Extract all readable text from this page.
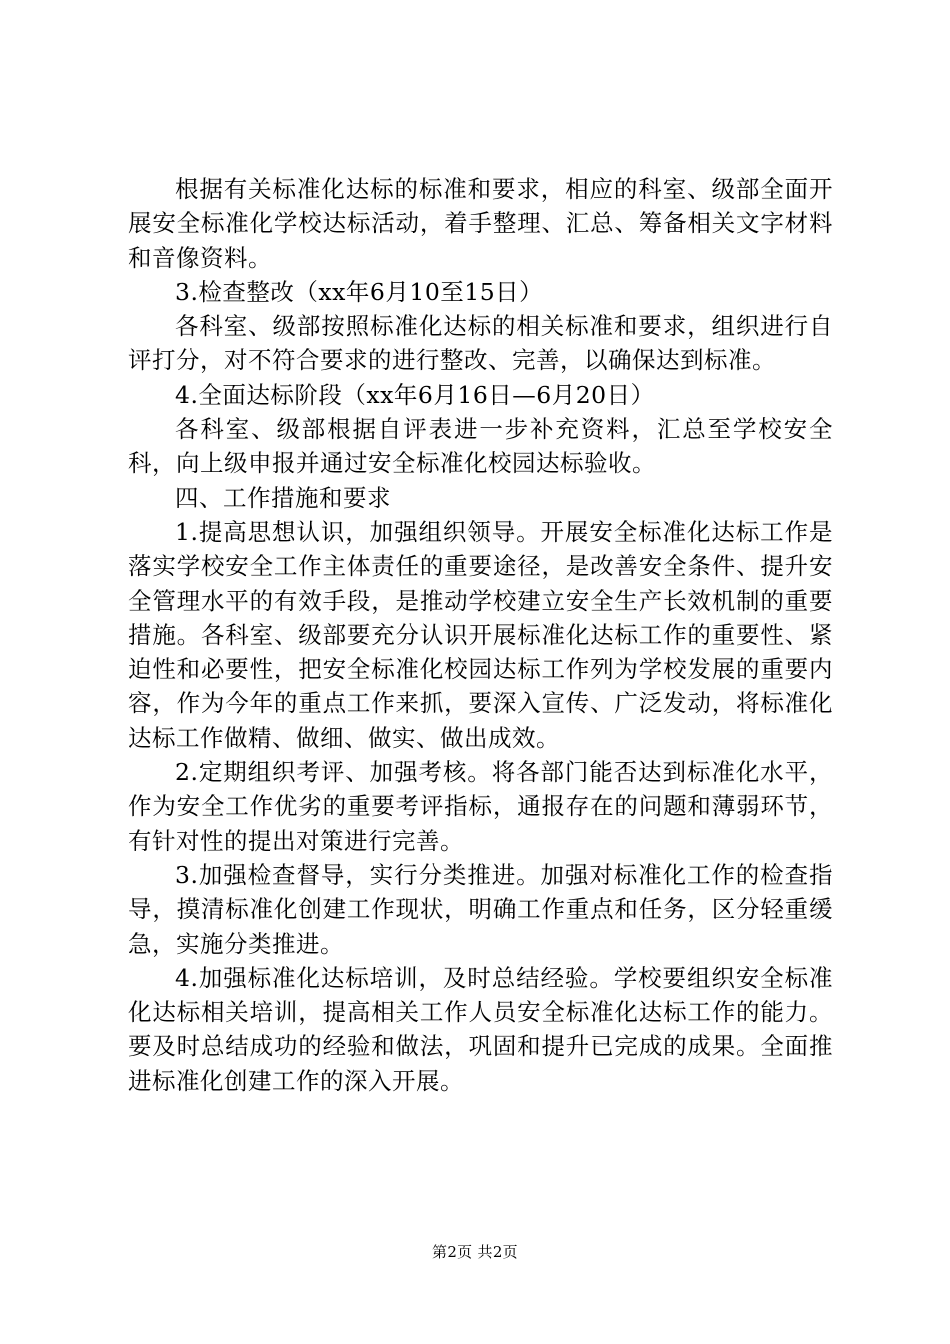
根据有关标准化达标的标准和要求，相应的科室、级部全面开展安全标准化学校达标活动，着手整理、汇总、筹备相关文字材料和音像资料。

3.检查整改（xx年6月10至15日）

各科室、级部按照标准化达标的相关标准和要求，组织进行自评打分，对不符合要求的进行整改、完善，以确保达到标准。

4.全面达标阶段（xx年6月16日—6月20日）

各科室、级部根据自评表进一步补充资料，汇总至学校安全科，向上级申报并通过安全标准化校园达标验收。

四、工作措施和要求

1.提高思想认识，加强组织领导。开展安全标准化达标工作是落实学校安全工作主体责任的重要途径，是改善安全条件、提升安全管理水平的有效手段，是推动学校建立安全生产长效机制的重要措施。各科室、级部要充分认识开展标准化达标工作的重要性、紧迫性和必要性，把安全标准化校园达标工作列为学校发展的重要内容，作为今年的重点工作来抓，要深入宣传、广泛发动，将标准化达标工作做精、做细、做实、做出成效。

2.定期组织考评、加强考核。将各部门能否达到标准化水平，作为安全工作优劣的重要考评指标，通报存在的问题和薄弱环节，有针对性的提出对策进行完善。

3.加强检查督导，实行分类推进。加强对标准化工作的检查指导，摸清标准化创建工作现状，明确工作重点和任务，区分轻重缓急，实施分类推进。

4.加强标准化达标培训，及时总结经验。学校要组织安全标准化达标相关培训，提高相关工作人员安全标准化达标工作的能力。要及时总结成功的经验和做法，巩固和提升已完成的成果。全面推进标准化创建工作的深入开展。

第2页 共2页
